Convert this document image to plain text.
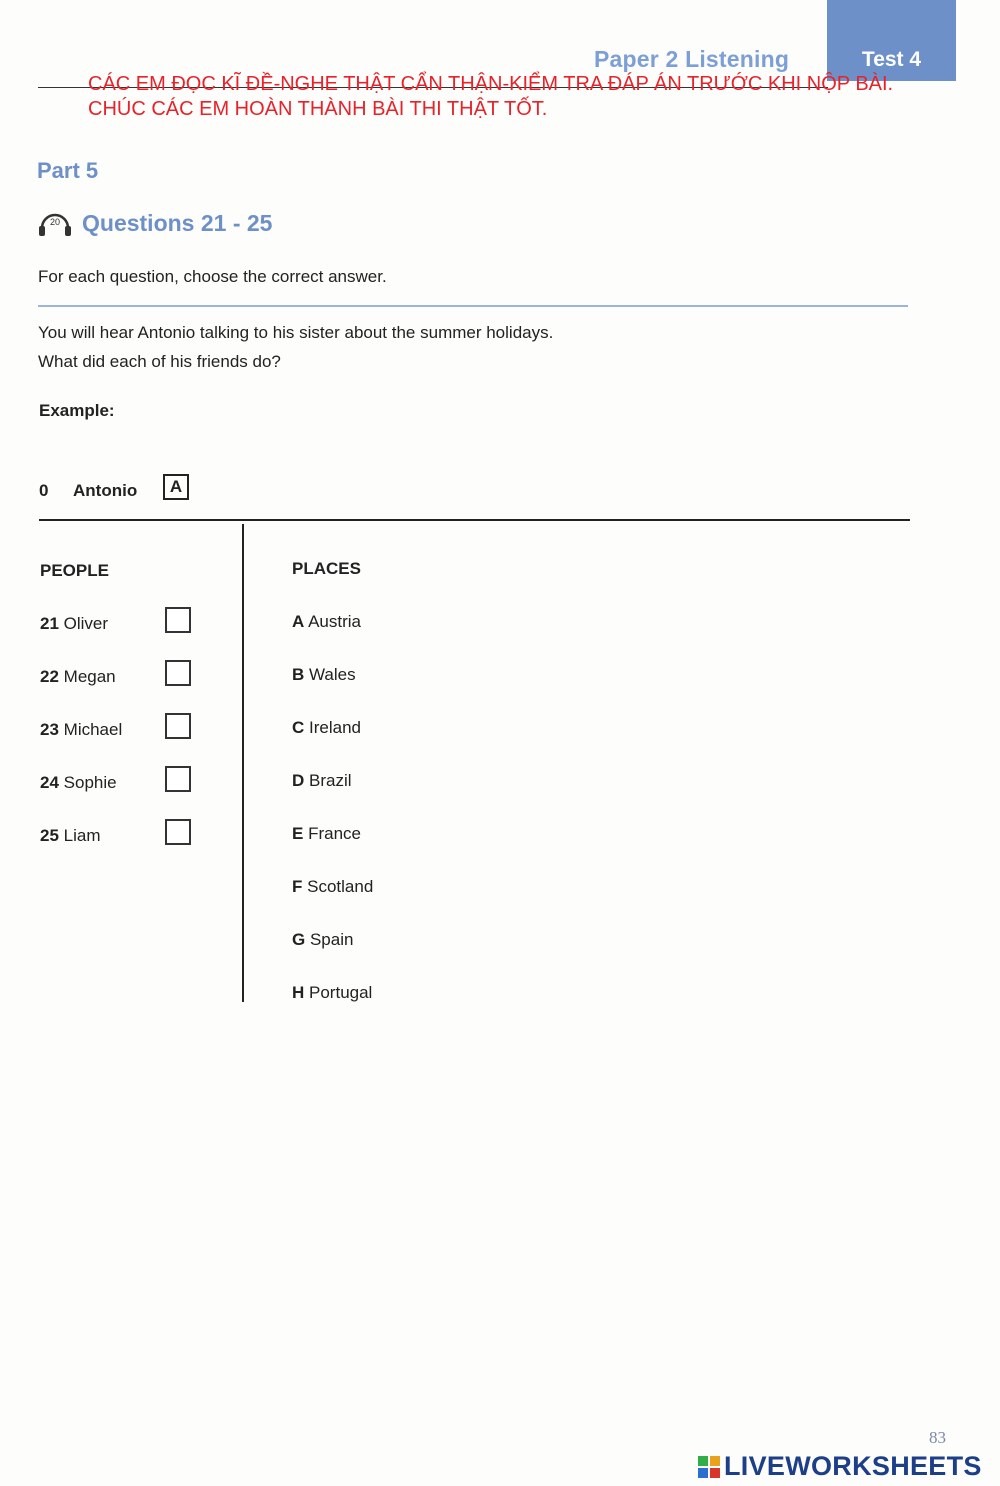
Paper 2 Listening	Test 4
CÁC EM ĐỌC KĨ ĐỀ-NGHE THẬT CẨN THẬN-KIỂM TRA ĐÁP ÁN TRƯỚC KHI NỘP BÀI. CHÚC CÁC EM HOÀN THÀNH BÀI THI THẬT TỐT.
Part 5
20 Questions 21 - 25
For each question, choose the correct answer.
You will hear Antonio talking to his sister about the summer holidays.
What did each of his friends do?
Example:
0 Antonio	A
PEOPLE	PLACES
21 Oliver
22 Megan
23 Michael
24 Sophie
25 Liam
A Austria
B Wales
C Ireland
D Brazil
E France
F Scotland
G Spain
H Portugal
83
LIVEWORKSHEETS
